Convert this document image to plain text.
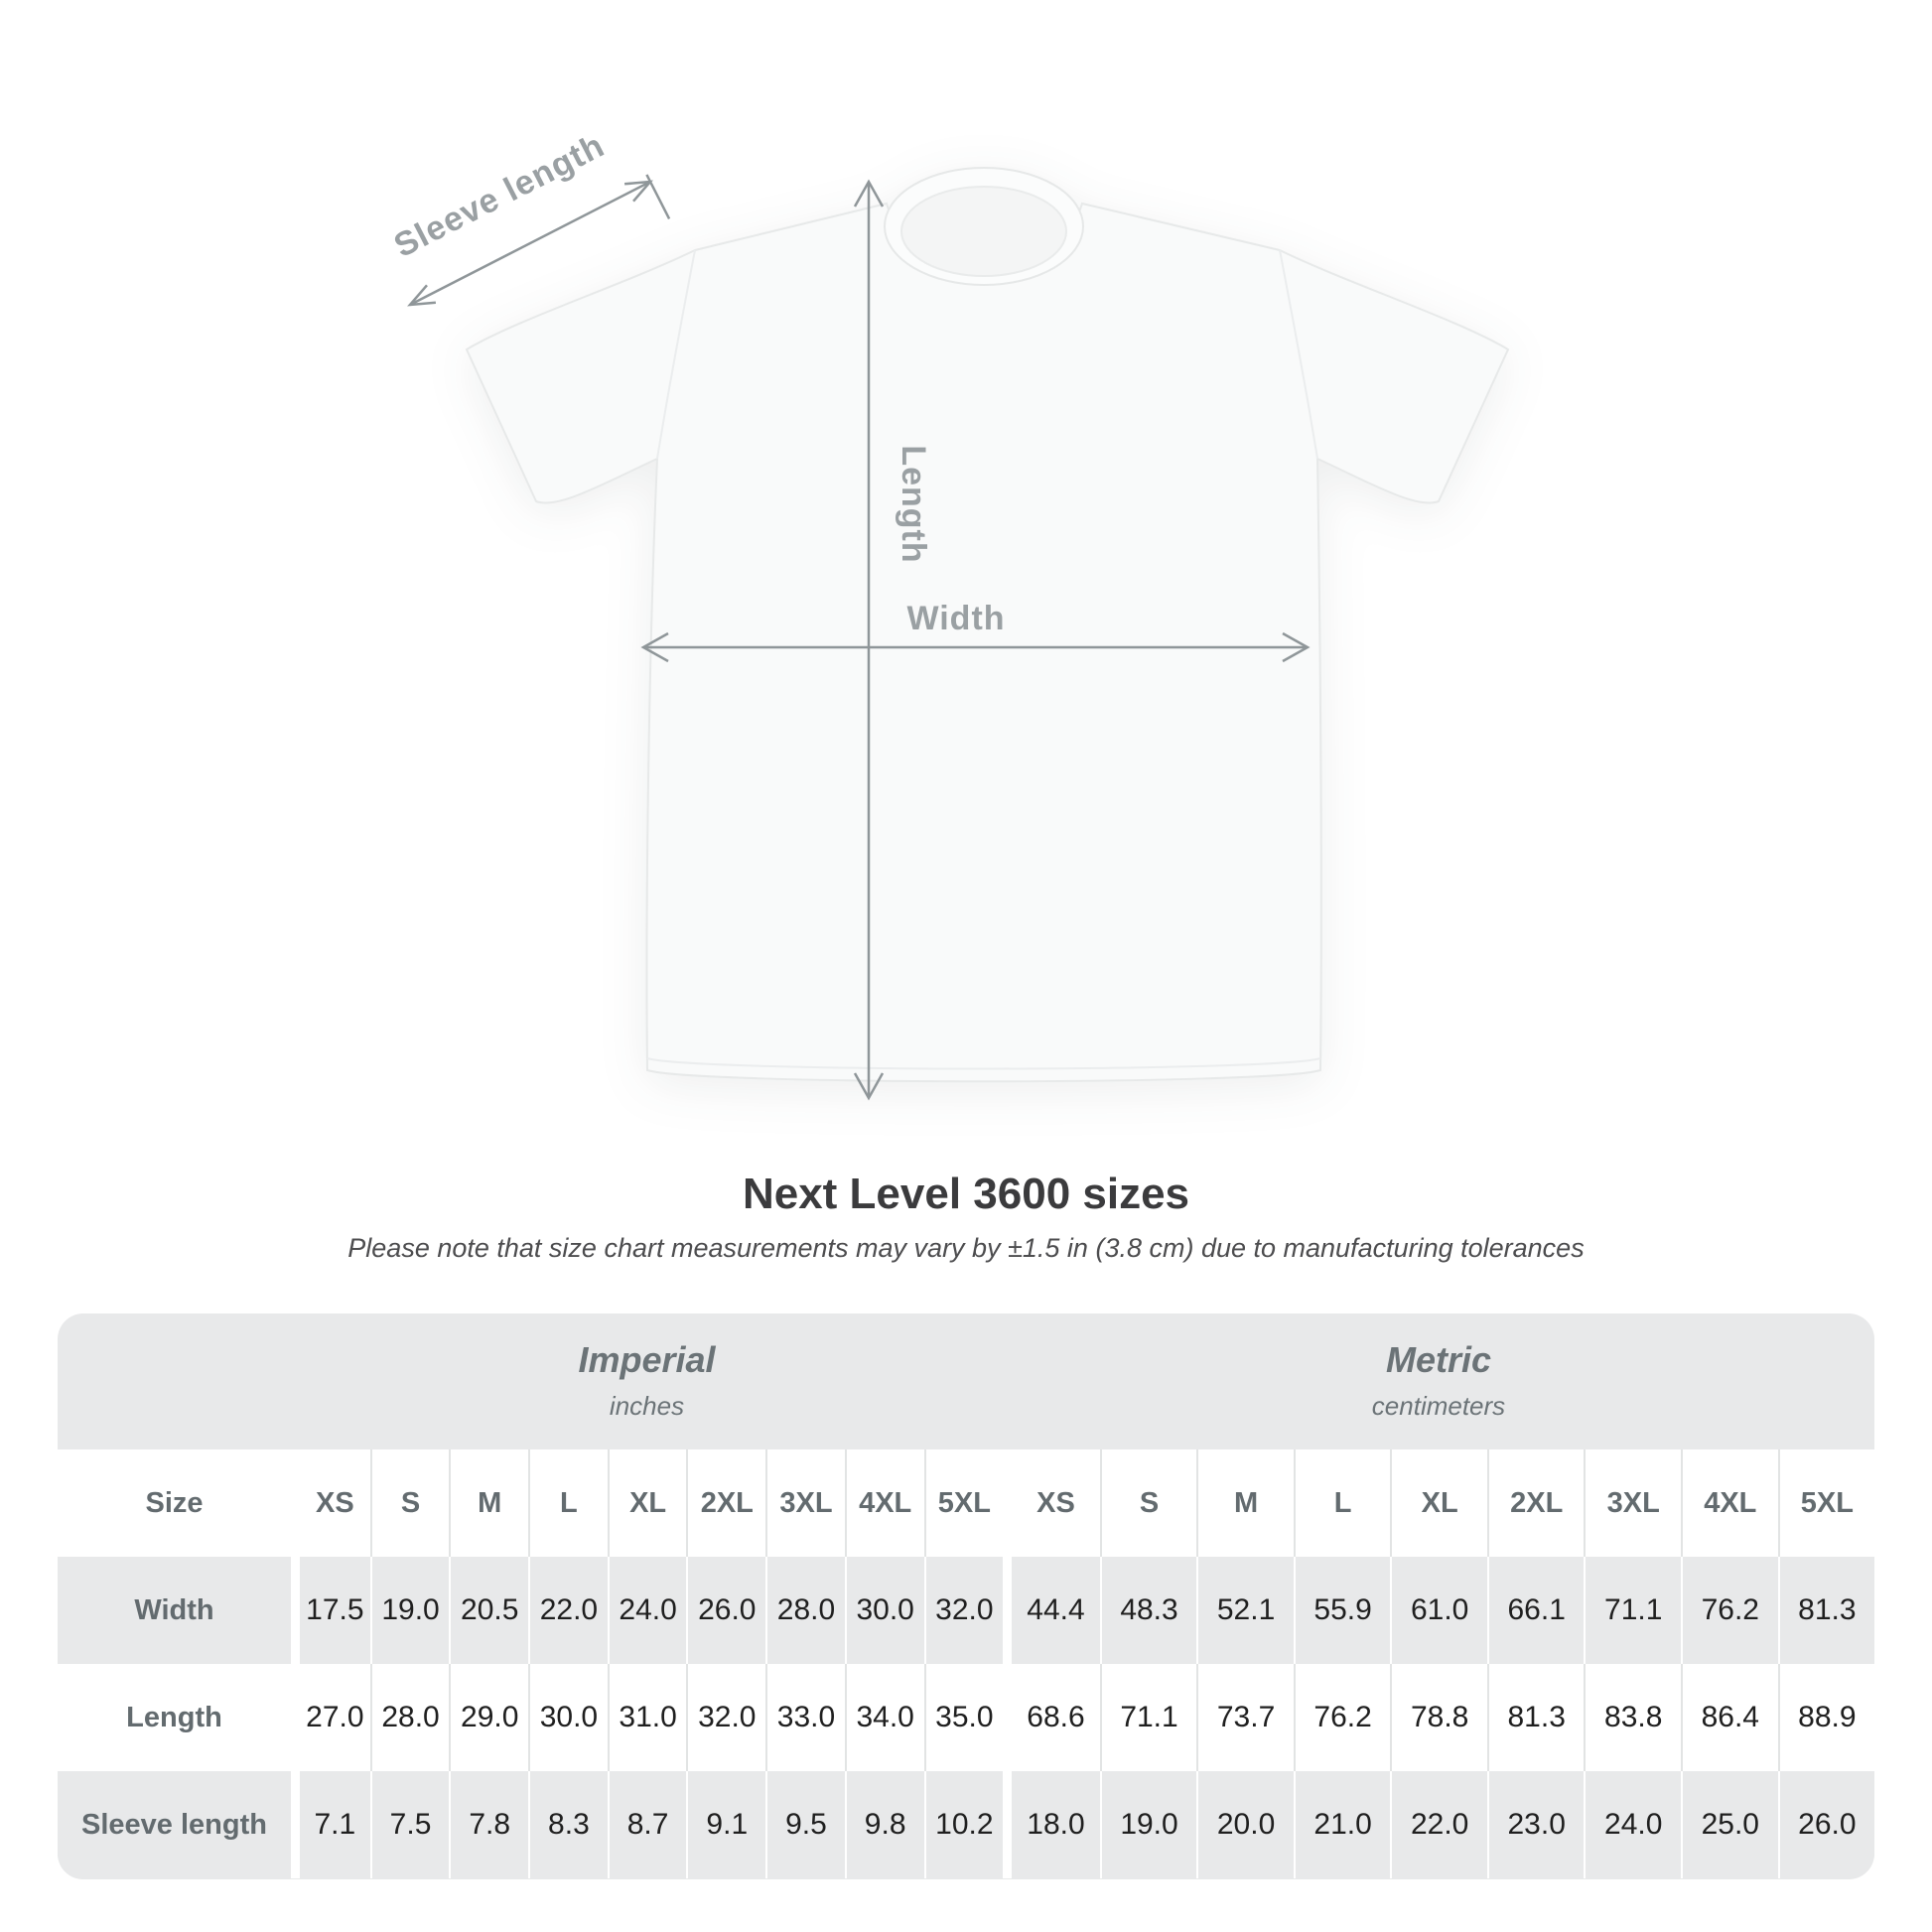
Sleeve length
Length
Width
Next Level 3600 sizes
Please note that size chart measurements may vary by ±1.5 in (3.8 cm) due to manufacturing tolerances
Imperial
inches
Metric
centimeters
Size	XS	S	M	L	XL	2XL 3XL 4XL 5XL	XS	S	M	L	XL	2XL	3XL	4XL	5XL
Width	17.5 19.0 20.5 22.0 24.0 26.0 28.0 30.0 32.0	44.4	48.3	52.1	55.9	61.0	66.1	71.1	76.2	81.3
Length	27.0 28.0 29.0 30.0 31.0 32.0 33.0 34.0 35.0	68.6	71.1	73.7	76.2	78.8	81.3	83.8	86.4	88.9
Sleeve length	7.1	7.5	7.8	8.3	8.7	9.1	9.5	9.8 10.2	18.0	19.0	20.0	21.0	22.0	23.0	24.0	25.0	26.0
